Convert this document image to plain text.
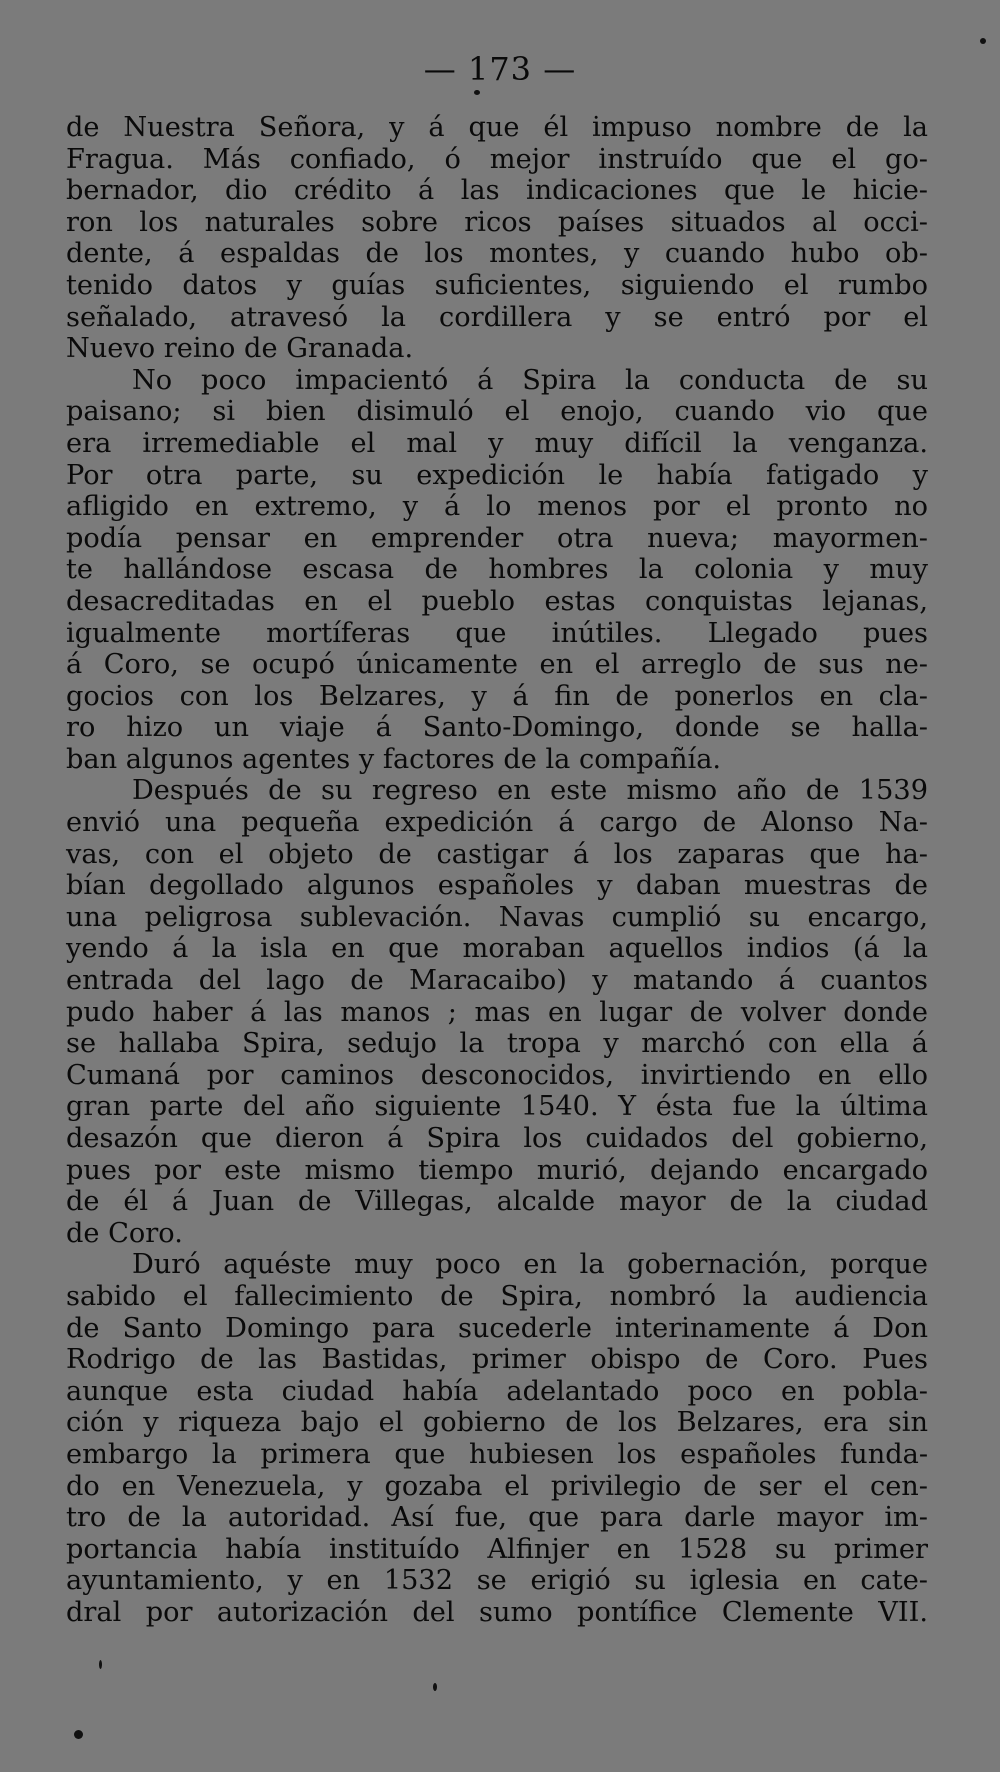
— 173 —
de Nuestra Señora, y á que él impuso nombre de la
Fragua. Más confiado, ó mejor instruído que el go-
bernador, dio crédito á las indicaciones que le hicie-
ron los naturales sobre ricos países situados al occi-
dente, á espaldas de los montes, y cuando hubo ob-
tenido datos y guías suficientes, siguiendo el rumbo
señalado, atravesó la cordillera y se entró por el
Nuevo reino de Granada.
No poco impacientó á Spira la conducta de su
paisano; si bien disimuló el enojo, cuando vio que
era irremediable el mal y muy difícil la venganza.
Por otra parte, su expedición le había fatigado y
afligido en extremo, y á lo menos por el pronto no
podía pensar en emprender otra nueva; mayormen-
te hallándose escasa de hombres la colonia y muy
desacreditadas en el pueblo estas conquistas lejanas,
igualmente mortíferas que inútiles. Llegado pues
á Coro, se ocupó únicamente en el arreglo de sus ne-
gocios con los Belzares, y á fin de ponerlos en cla-
ro hizo un viaje á Santo-Domingo, donde se halla-
ban algunos agentes y factores de la compañía.
Después de su regreso en este mismo año de 1539
envió una pequeña expedición á cargo de Alonso Na-
vas, con el objeto de castigar á los zaparas que ha-
bían degollado algunos españoles y daban muestras de
una peligrosa sublevación. Navas cumplió su encargo,
yendo á la isla en que moraban aquellos indios (á la
entrada del lago de Maracaibo) y matando á cuantos
pudo haber á las manos ; mas en lugar de volver donde
se hallaba Spira, sedujo la tropa y marchó con ella á
Cumaná por caminos desconocidos, invirtiendo en ello
gran parte del año siguiente 1540. Y ésta fue la última
desazón que dieron á Spira los cuidados del gobierno,
pues por este mismo tiempo murió, dejando encargado
de él á Juan de Villegas, alcalde mayor de la ciudad
de Coro.
Duró aquéste muy poco en la gobernación, porque
sabido el fallecimiento de Spira, nombró la audiencia
de Santo Domingo para sucederle interinamente á Don
Rodrigo de las Bastidas, primer obispo de Coro. Pues
aunque esta ciudad había adelantado poco en pobla-
ción y riqueza bajo el gobierno de los Belzares, era sin
embargo la primera que hubiesen los españoles funda-
do en Venezuela, y gozaba el privilegio de ser el cen-
tro de la autoridad. Así fue, que para darle mayor im-
portancia había instituído Alfinjer en 1528 su primer
ayuntamiento, y en 1532 se erigió su iglesia en cate-
dral por autorización del sumo pontífice Clemente VII.
